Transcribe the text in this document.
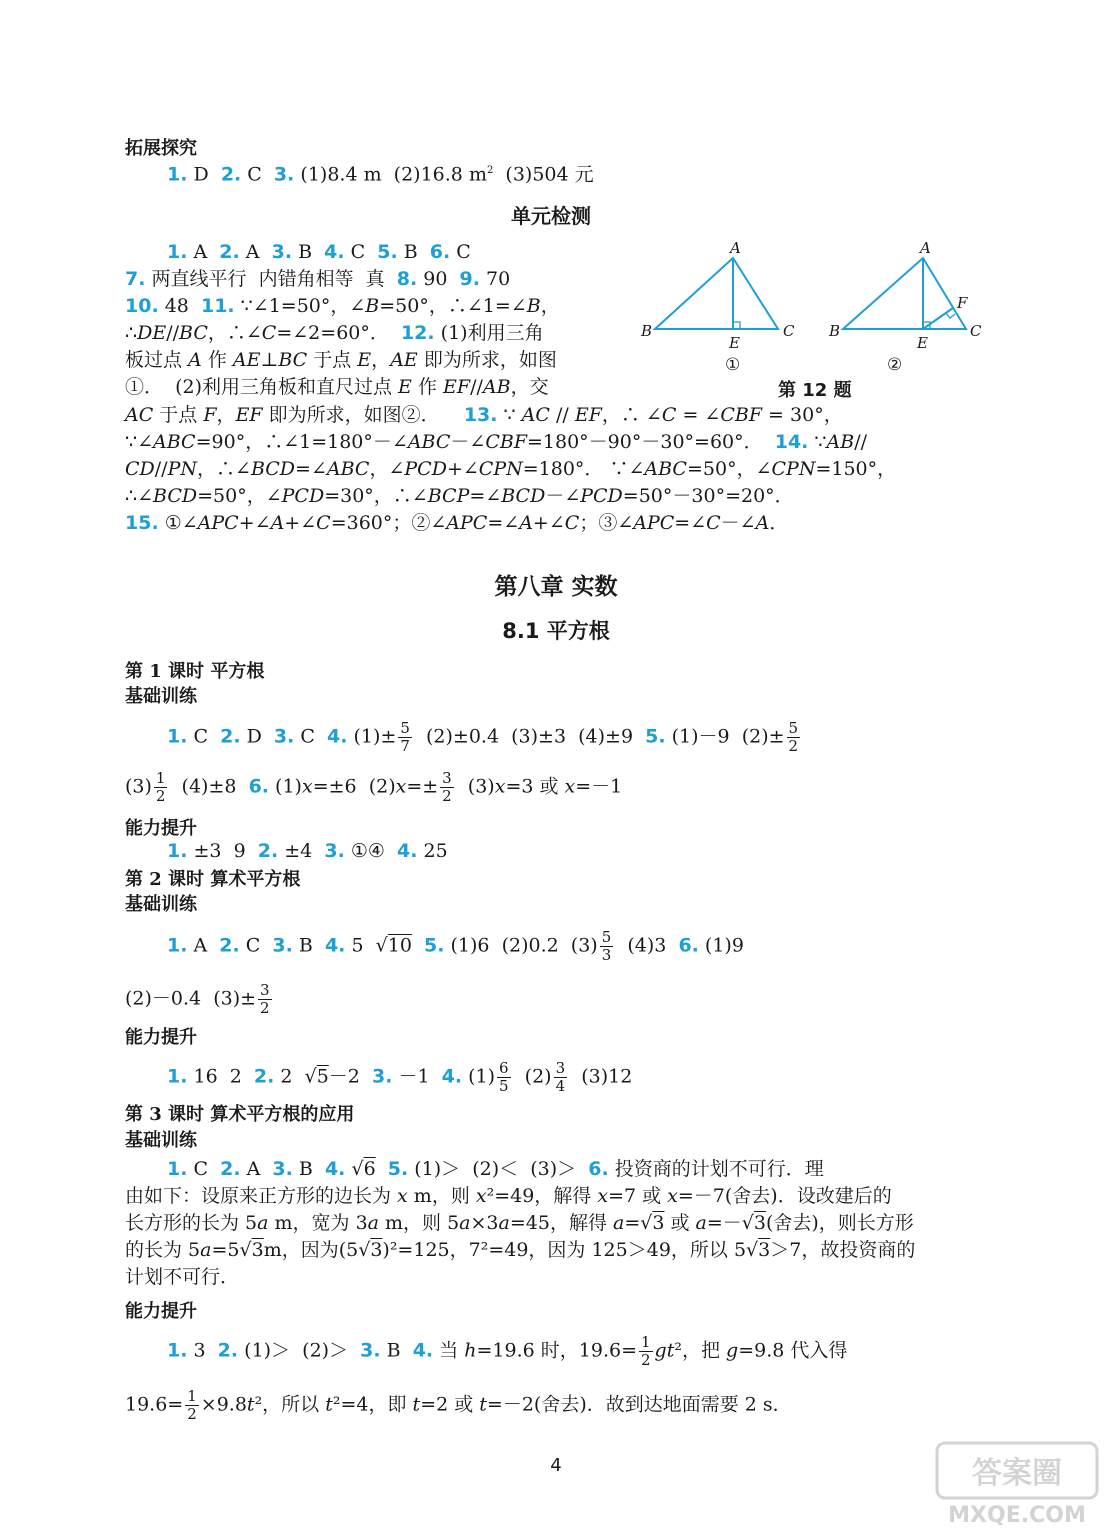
拓展探究
1. D  2. C  3. (1)8.4 m  (2)16.8 $m^2$  (3)504 元
单元检测
1. A  2. A  3. B  4. C  5. B  6. C
7. 两直线平行  内错角相等  真  8. 90  9. 70
10. 48  11. ∵∠1=50°，∠B=50°，∴∠1=∠B，
∴DE//BC，∴∠C=∠2=60°．  12. (1)利用三角
板过点 A 作 AE⊥BC 于点 E，AE 即为所求，如图
①．  (2)利用三角板和直尺过点 E 作 EF//AB，交
AC 于点 F，EF 即为所求，如图②．    13. ∵ AC // EF，∴ ∠C = ∠CBF = 30°，
∵∠ABC=90°，∴∠1=180°－∠ABC－∠CBF=180°－90°－30°=60°．  14. ∵AB//
CD//PN，∴∠BCD=∠ABC，∠PCD+∠CPN=180°． ∵∠ABC=50°，∠CPN=150°，
∴∠BCD=50°，∠PCD=30°，∴∠BCP=∠BCD－∠PCD=50°－30°=20°．
15. ①∠APC+∠A+∠C=360°；②∠APC=∠A+∠C；③∠APC=∠C－∠A．
A
B	C
E
A
B	C
E
F
①	②
第 12 题
第八章 实数
8.1 平方根
第 1 课时 平方根
基础训练
1. C  2. D  3. C  4. $(1)\pm \frac{5}{7} (2)\pm 0.4$  (3)±3  (4)±9  5. (1)－9  $(2)\pm \frac{5}{2}$
$(3) \frac{1}{2} (4)\pm 8$  6. (1)x=±6  $(2)x=\pm \frac{3}{2} (3)x=3$ 或 x=－1
能力提升
1. ±3  9  2. ±4  3. ①④  4. 25
第 2 课时 算术平方根
基础训练
1. A  2. C  3. B  4. 5  √10 5. (1)6  (2)0.2  $(3) \frac{5}{3} (4)3$  6. (1)9
(2)－0.4  $(3)\pm \frac{3}{2}$
能力提升
1. 16  2  2. 2  √5－2  3. －1  4. $(1) \frac{6}{5} (2) \frac{3}{4} (3)12$
第 3 课时 算术平方根的应用
基础训练
1. C  2. A  3. B  4. √6 5. (1)＞  (2)＜  (3)＞  6. 投资商的计划不可行．理
由如下：设原来正方形的边长为 x m，则 x²=49，解得 x=7 或 x=－7(舍去)．设改建后的
长方形的长为 5a m，宽为 3a m，则 5a×3a=45，解得 a=√3 或 a=－√3(舍去)，则长方形
的长为 5a=5√3m，因为(5√3)²=125，7²=49，因为 125＞49，所以 5√3＞7，故投资商的
计划不可行．
能力提升
1. 3  2. (1)＞  (2)＞  3. B  4. 当 h=19.6 时，$19.6= \frac{1}{2} gt^2$，把 g=9.8 代入得
$19.6= \frac{1}{2} \times 9.8t^2$，所以 t²=4，即 t=2 或 t=－2(舍去)．故到达地面需要 2 s．
4	答案圈
MXQE.COM
